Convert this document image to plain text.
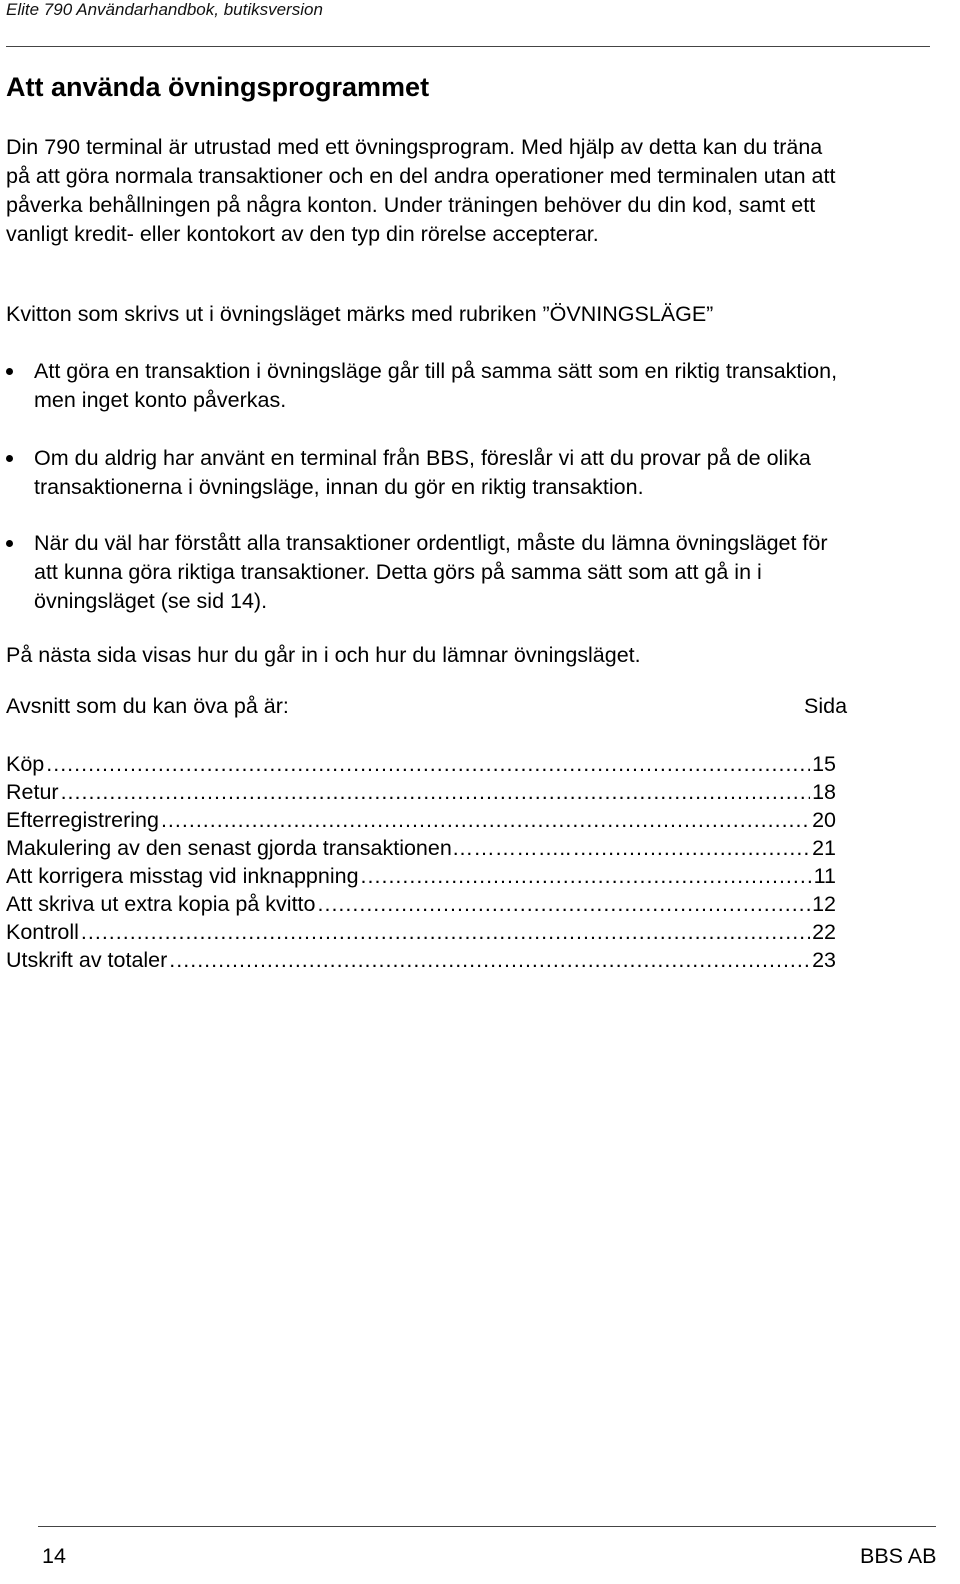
Elite 790 Användarhandbok, butiksversion
Att använda övningsprogrammet
Din 790 terminal är utrustad med ett övningsprogram. Med hjälp av detta kan du träna
på att göra normala transaktioner och en del andra operationer med terminalen utan att
påverka behållningen på några konton. Under träningen behöver du din kod, samt ett
vanligt kredit- eller kontokort av den typ din rörelse accepterar.
Kvitton som skrivs ut i övningsläget märks med rubriken ”ÖVNINGSLÄGE”
Att göra en transaktion i övningsläge går till på samma sätt som en riktig transaktion,
men inget konto påverkas.
Om du aldrig har använt en terminal från BBS, föreslår vi att du provar på de olika
transaktionerna i övningsläge, innan du gör en riktig transaktion.
När du väl har förstått alla transaktioner ordentligt, måste du lämna övningsläget för
att kunna göra riktiga transaktioner. Detta görs på samma sätt som att gå in i
övningsläget (se sid 14).
På nästa sida visas hur du går in i och hur du lämnar övningsläget.
Avsnitt som du kan öva på är:	Sida
Köp .....	15
Retur .....	18
Efterregistrering .....	20
Makulering av den senast gjorda transaktionen…………….. .....	21
Att korrigera misstag vid inknappning .....	11
Att skriva ut extra kopia på kvitto .....	12
Kontroll .....	22
Utskrift av totaler .....	23
14	BBS AB
